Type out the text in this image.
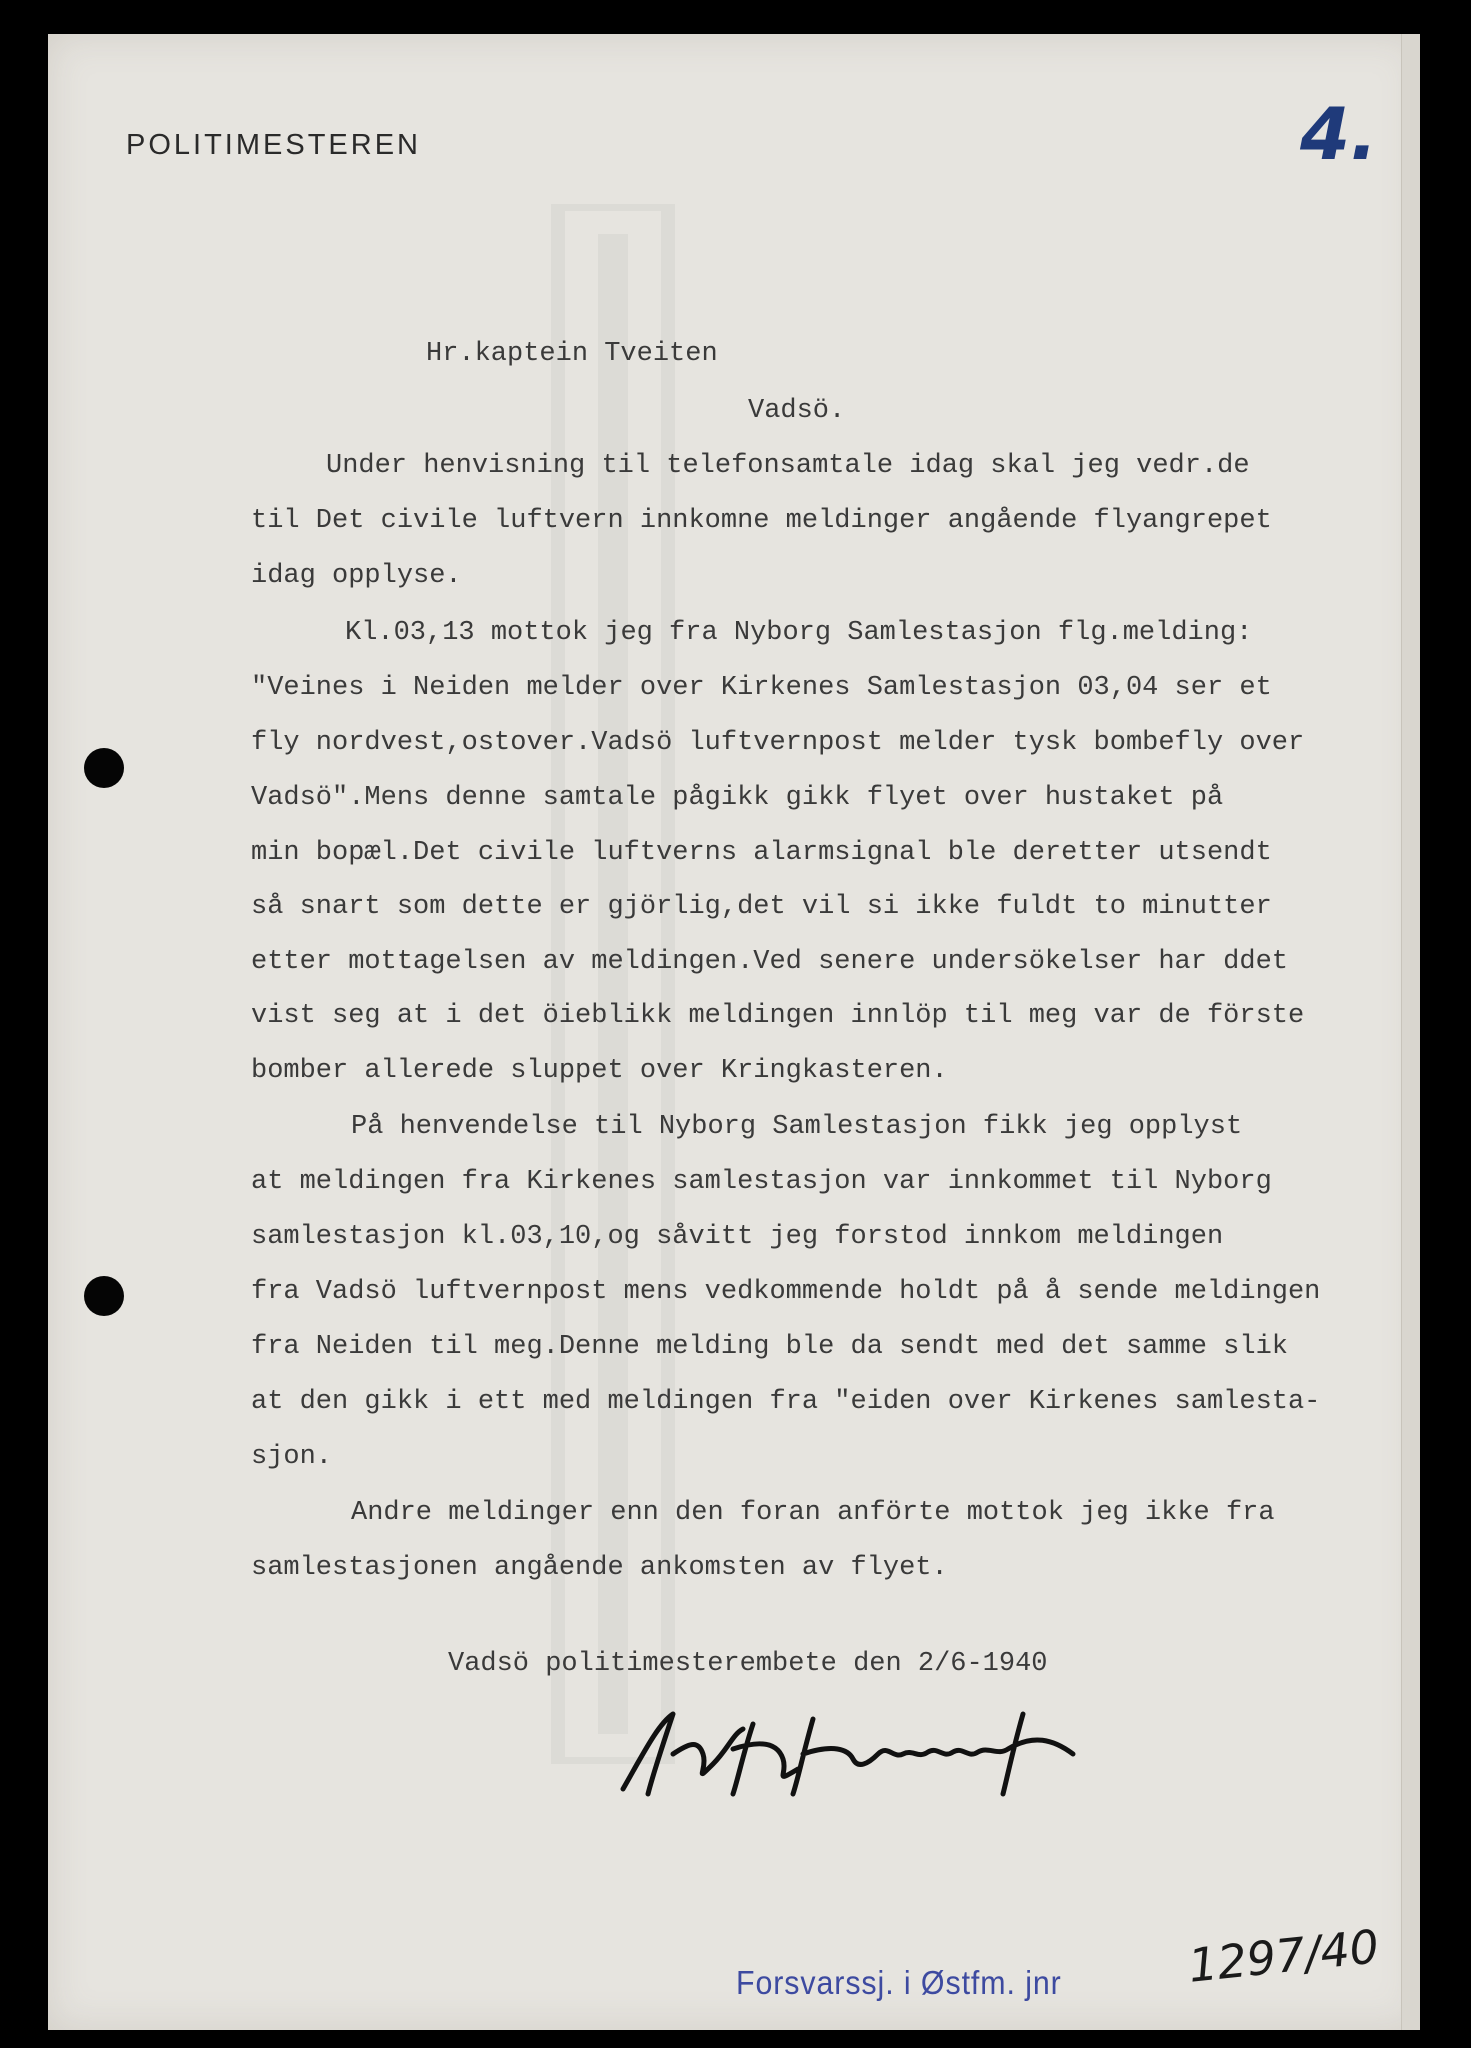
POLITIMESTEREN	4.

Hr.kaptein Tveiten

Vadsö.

Under henvisning til telefonsamtale idag skal jeg vedr.de

til Det civile luftvern innkomne meldinger angående flyangrepet

idag opplyse.

Kl.03,13 mottok jeg fra Nyborg Samlestasjon flg.melding:

"Veines i Neiden melder over Kirkenes Samlestasjon 03,04 ser et

fly nordvest,ostover.Vadsö luftvernpost melder tysk bombefly over

Vadsö".Mens denne samtale pågikk gikk flyet over hustaket på

min bopæl.Det civile luftverns alarmsignal ble deretter utsendt

så snart som dette er gjörlig,det vil si ikke fuldt to minutter

etter mottagelsen av meldingen.Ved senere undersökelser har ddet

vist seg at i det öieblikk meldingen innlöp til meg var de förste

bomber allerede sluppet over Kringkasteren.

På henvendelse til Nyborg Samlestasjon fikk jeg opplyst

at meldingen fra Kirkenes samlestasjon var innkommet til Nyborg

samlestasjon kl.03,10,og såvitt jeg forstod innkom meldingen

fra Vadsö luftvernpost mens vedkommende holdt på å sende meldingen

fra Neiden til meg.Denne melding ble da sendt med det samme slik

at den gikk i ett med meldingen fra "eiden over Kirkenes samlesta-

sjon.

Andre meldinger enn den foran anförte mottok jeg ikke fra

samlestasjonen angående ankomsten av flyet.

Vadsö politimesterembete den 2/6-1940

Forsvarssj. i Østfm. jnr	1297/40
